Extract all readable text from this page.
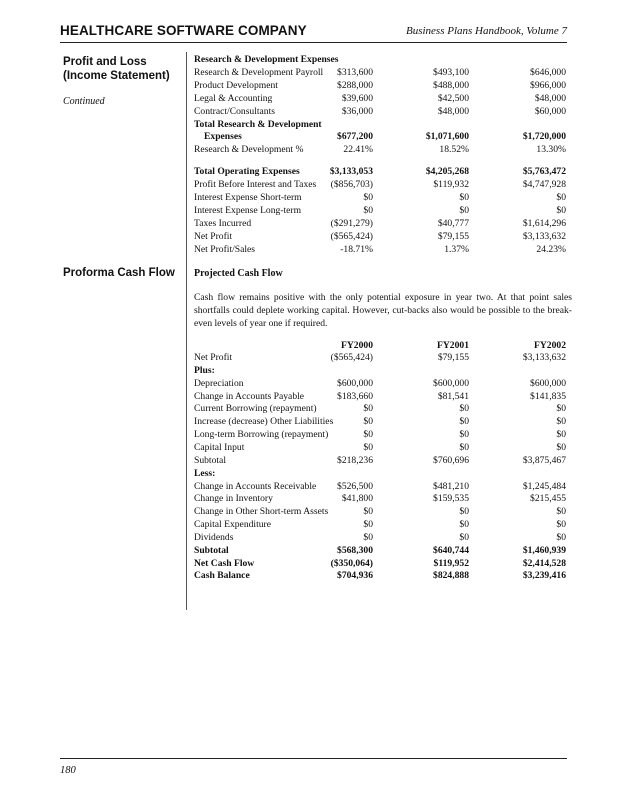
HEALTHCARE SOFTWARE COMPANY	Business Plans Handbook, Volume 7
Profit and Loss
(Income Statement)
Continued
Research & Development Expenses
Research & Development Payroll $313,600	$493,100	$646,000
Product Development	$288,000	$488,000	$966,000
Legal & Accounting	$39,600	$42,500	$48,000
Contract/Consultants	$36,000	$48,000	$60,000
Total Research & Development
Expenses	$677,200	$1,071,600	$1,720,000
Research & Development %	22.41%	18.52%	13.30%
Total Operating Expenses	$3,133,053	$4,205,268	$5,763,472
Profit Before Interest and Taxes ($856,703)	$119,932	$4,747,928
Interest Expense Short-term	$0	$0	$0
Interest Expense Long-term	$0	$0	$0
Taxes Incurred	($291,279)	$40,777	$1,614,296
Net Profit	($565,424)	$79,155	$3,133,632
Net Profit/Sales	-18.71%	1.37%	24.23%
Proforma Cash Flow Projected Cash Flow
Cash flow remains positive with the only potential exposure in year two. At that point sales shortfalls could deplete working capital. However, cut-backs also would be possible to the break-even levels of year one if required.
FY2000	FY2001	FY2002
Net Profit	($565,424)	$79,155	$3,133,632
Plus:
Depreciation	$600,000	$600,000	$600,000
Change in Accounts Payable	$183,660	$81,541	$141,835
Current Borrowing (repayment)	$0	$0	$0
Increase (decrease) Other Liabilities	$0	$0	$0
Long-term Borrowing (repayment)	$0	$0	$0
Capital Input	$0	$0	$0
Subtotal	$218,236	$760,696	$3,875,467
Less:
Change in Accounts Receivable $526,500	$481,210	$1,245,484
Change in Inventory	$41,800	$159,535	$215,455
Change in Other Short-term Assets	$0	$0	$0
Capital Expenditure	$0	$0	$0
Dividends	$0	$0	$0
Subtotal	$568,300	$640,744	$1,460,939
Net Cash Flow	($350,064)	$119,952	$2,414,528
Cash Balance	$704,936	$824,888	$3,239,416
180
